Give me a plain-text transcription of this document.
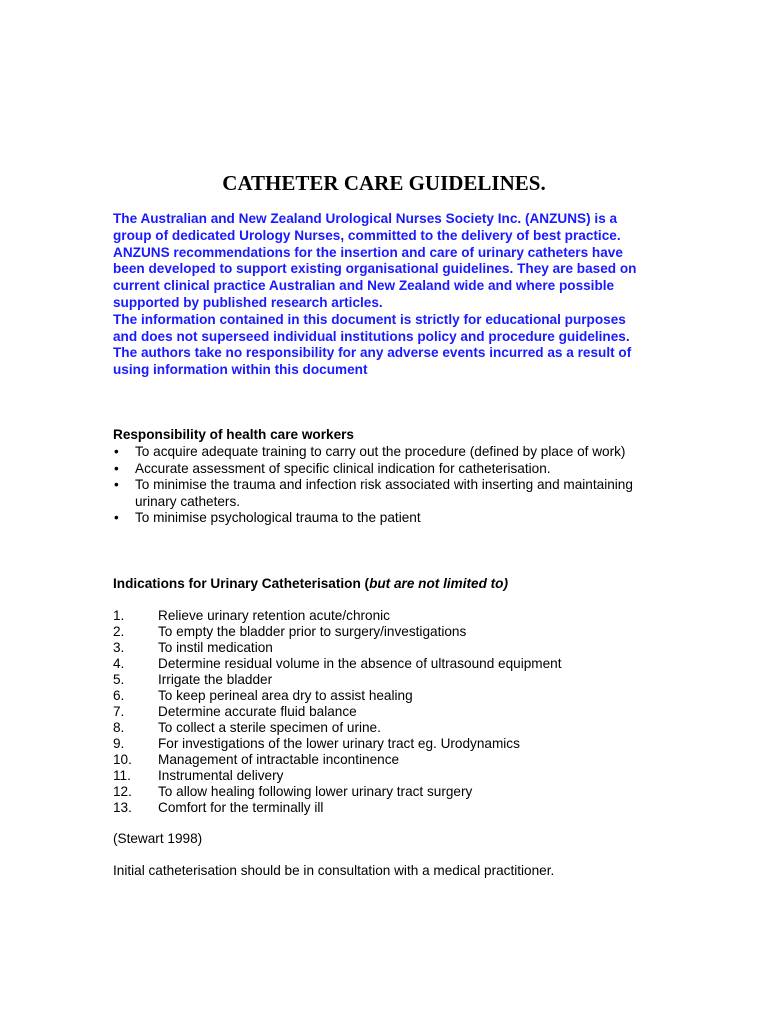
CATHETER CARE GUIDELINES.

The Australian and New Zealand Urological Nurses Society Inc. (ANZUNS) is a group of dedicated Urology Nurses, committed to the delivery of best practice. ANZUNS recommendations for the insertion and care of urinary catheters have been developed to support existing organisational guidelines. They are based on current clinical practice Australian and New Zealand wide and where possible supported by published research articles.

The information contained in this document is strictly for educational purposes and does not superseed individual institutions policy and procedure guidelines. The authors take no responsibility for any adverse events incurred as a result of using information within this document

Responsibility of health care workers
• To acquire adequate training to carry out the procedure (defined by place of work)
• Accurate assessment of specific clinical indication for catheterisation.
• To minimise the trauma and infection risk associated with inserting and maintaining urinary catheters.
• To minimise psychological trauma to the patient
Indications for Urinary Catheterisation (but are not limited to)
1. Relieve urinary retention acute/chronic
2. To empty the bladder prior to surgery/investigations
3. To instil medication
4. Determine residual volume in the absence of ultrasound equipment
5. Irrigate the bladder
6. To keep perineal area dry to assist healing
7. Determine accurate fluid balance
8. To collect a sterile specimen of urine.
9. For investigations of the lower urinary tract eg. Urodynamics
10. Management of intractable incontinence
11. Instrumental delivery
12. To allow healing following lower urinary tract surgery
13. Comfort for the terminally ill

(Stewart 1998)

Initial catheterisation should be in consultation with a medical practitioner.
